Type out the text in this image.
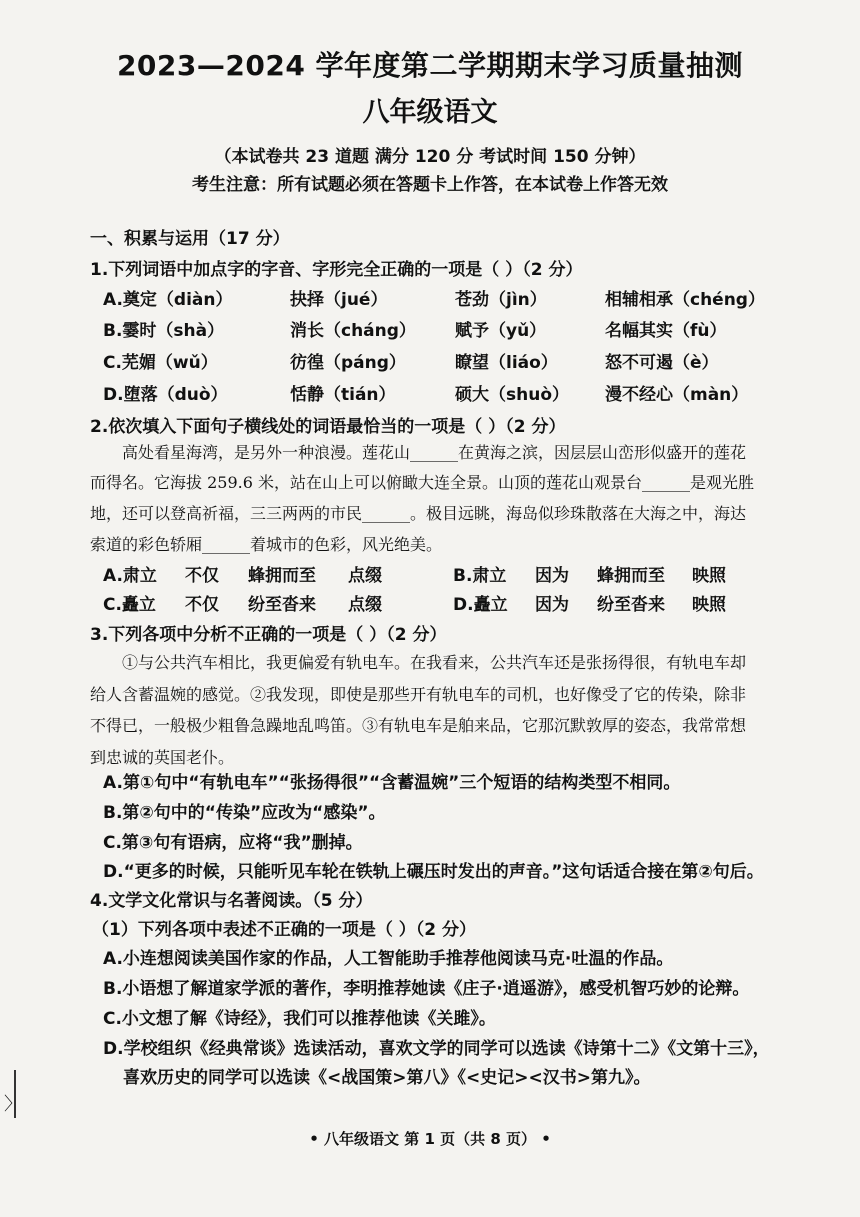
2023—2024 学年度第二学期期末学习质量抽测
八年级语文
（本试卷共 23 道题 满分 120 分 考试时间 150 分钟）
考生注意：所有试题必须在答题卡上作答，在本试卷上作答无效
一、积累与运用（17 分）
1.下列词语中加点字的字音、字形完全正确的一项是（ ）（2 分）
A.奠定（diàn）	抉择（jué）	苍劲（jìn）	相辅相承（chéng）
B.霎时（shà）	消长（cháng） 赋予（yǔ）	名幅其实（fù）
C.芜媚（wǔ）	彷徨（páng）	瞭望（liáo）	怒不可遏（è）
D.堕落（duò）	恬静（tián）	硕大（shuò） 漫不经心（màn）
2.依次填入下面句子横线处的词语最恰当的一项是（ ）（2 分）
高处看星海湾，是另外一种浪漫。莲花山______在黄海之滨，因层层山峦形似盛开的莲花
而得名。它海拔 259.6 米，站在山上可以俯瞰大连全景。山顶的莲花山观景台______是观光胜
地，还可以登高祈福，三三两两的市民______。极目远眺，海岛似珍珠散落在大海之中，海达
索道的彩色轿厢______着城市的色彩，风光绝美。
A.肃立 不仅 蜂拥而至 点缀	B.肃立 因为 蜂拥而至 映照
C.矗立 不仅 纷至沓来 点缀	D.矗立 因为 纷至沓来 映照
3.下列各项中分析不正确的一项是（ ）（2 分）
①与公共汽车相比，我更偏爱有轨电车。在我看来，公共汽车还是张扬得很，有轨电车却
给人含蓄温婉的感觉。②我发现，即使是那些开有轨电车的司机，也好像受了它的传染，除非
不得已，一般极少粗鲁急躁地乱鸣笛。③有轨电车是舶来品，它那沉默敦厚的姿态，我常常想
到忠诚的英国老仆。
A.第①句中“有轨电车”“张扬得很”“含蓄温婉”三个短语的结构类型不相同。
B.第②句中的“传染”应改为“感染”。
C.第③句有语病，应将“我”删掉。
D.“更多的时候，只能听见车轮在铁轨上碾压时发出的声音。”这句话适合接在第②句后。
4.文学文化常识与名著阅读。（5 分）
（1）下列各项中表述不正确的一项是（ ）（2 分）
A.小连想阅读美国作家的作品，人工智能助手推荐他阅读马克·吐温的作品。
B.小语想了解道家学派的著作，李明推荐她读《庄子·逍遥游》，感受机智巧妙的论辩。
C.小文想了解《诗经》，我们可以推荐他读《关雎》。
D.学校组织《经典常谈》选读活动，喜欢文学的同学可以选读《诗第十二》《文第十三》，
喜欢历史的同学可以选读《<战国策>第八》《<史记><汉书>第九》。
• 八年级语文 第 1 页（共 8 页） •
〉
